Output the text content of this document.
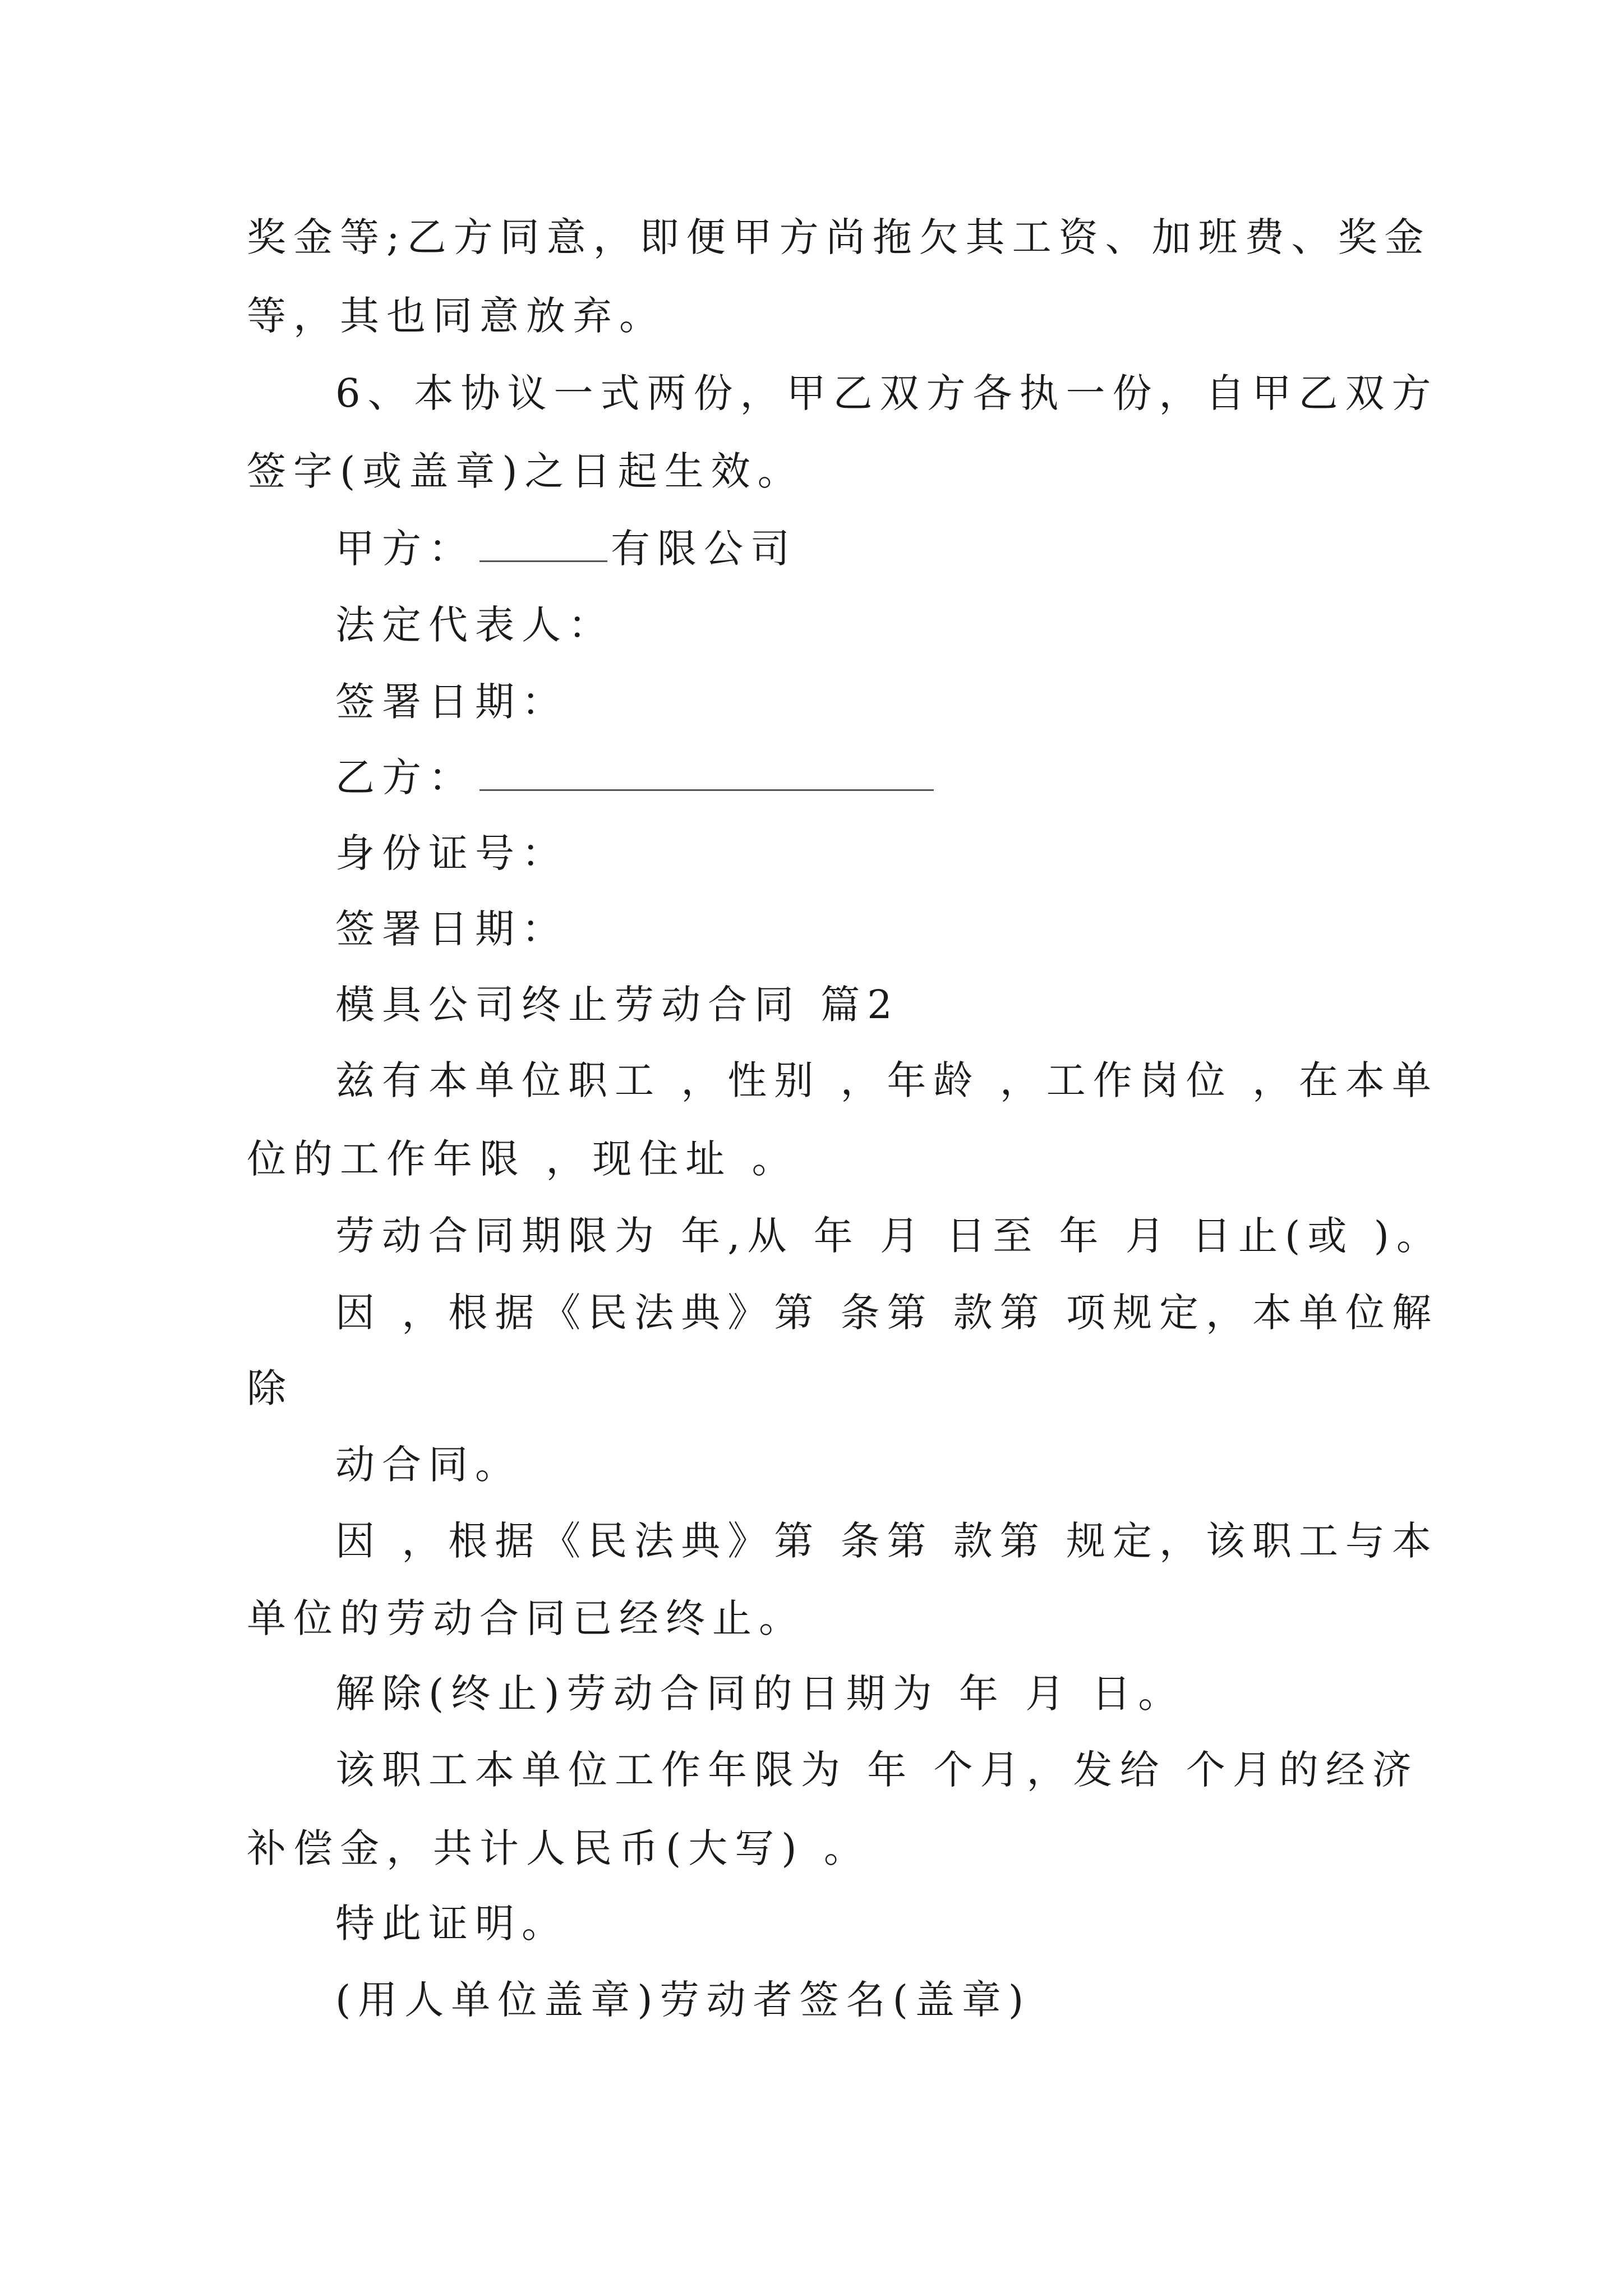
奖金等;乙方同意，即便甲方尚拖欠其工资、加班费、奖金
等，其也同意放弃。
6、本协议一式两份，甲乙双方各执一份，自甲乙双方
签字(或盖章)之日起生效。
甲方：	有限公司
法定代表人：
签署日期：
乙方：
身份证号：
签署日期：
模具公司终止劳动合同 篇2
兹有本单位职工 ，性别 ，年龄 ，工作岗位 ，在本单
位的工作年限 ，现住址 。
劳动合同期限为 年,从 年 月 日至 年 月 日止(或 )。
因 ，根据《民法典》第 条第 款第 项规定，本单位解
除
动合同。
因 ，根据《民法典》第 条第 款第 规定，该职工与本
单位的劳动合同已经终止。
解除(终止)劳动合同的日期为 年 月 日。
该职工本单位工作年限为 年 个月，发给 个月的经济
补偿金，共计人民币(大写) 。
特此证明。
(用人单位盖章)劳动者签名(盖章)
